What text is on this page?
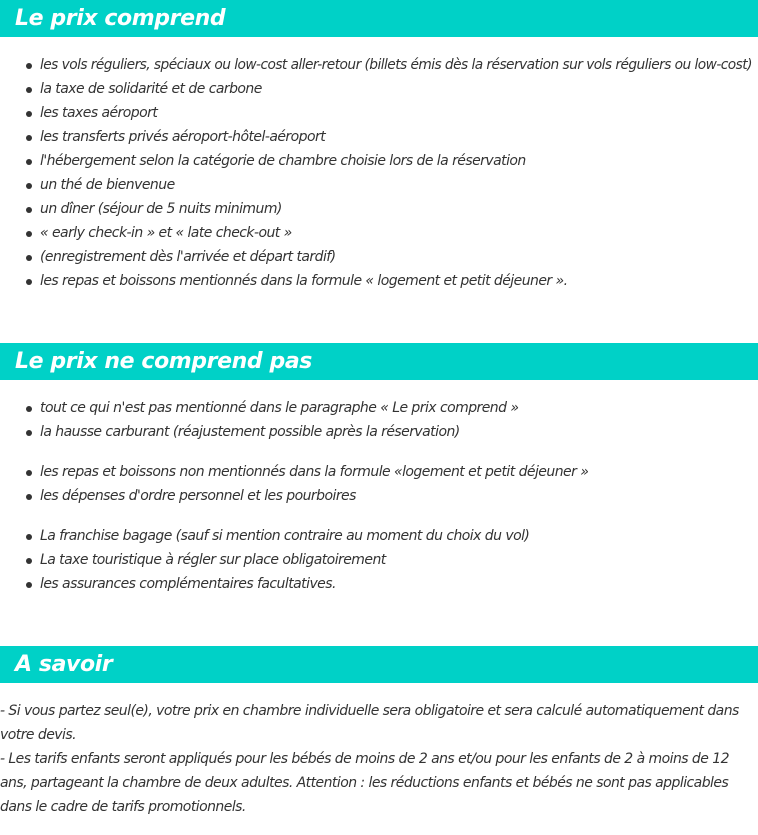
Le prix comprend
les vols réguliers, spéciaux ou low-cost aller-retour (billets émis dès la réservation sur vols réguliers ou low-cost)
la taxe de solidarité et de carbone
les taxes aéroport
les transferts privés aéroport-hôtel-aéroport
l'hébergement selon la catégorie de chambre choisie lors de la réservation
un thé de bienvenue
un dîner (séjour de 5 nuits minimum)
« early check-in » et « late check-out »
(enregistrement dès l'arrivée et départ tardif)
les repas et boissons mentionnés dans la formule « logement et petit déjeuner ».
Le prix ne comprend pas
tout ce qui n'est pas mentionné dans le paragraphe « Le prix comprend »
la hausse carburant (réajustement possible après la réservation)
les repas et boissons non mentionnés dans la formule «logement et petit déjeuner »
les dépenses d'ordre personnel et les pourboires
La franchise bagage (sauf si mention contraire au moment du choix du vol)
La taxe touristique à régler sur place obligatoirement
les assurances complémentaires facultatives.
A savoir

- Si vous partez seul(e), votre prix en chambre individuelle sera obligatoire et sera calculé automatiquement dans votre devis.

- Les tarifs enfants seront appliqués pour les bébés de moins de 2 ans et/ou pour les enfants de 2 à moins de 12 ans, partageant la chambre de deux adultes. Attention : les réductions enfants et bébés ne sont pas applicables dans le cadre de tarifs promotionnels.
